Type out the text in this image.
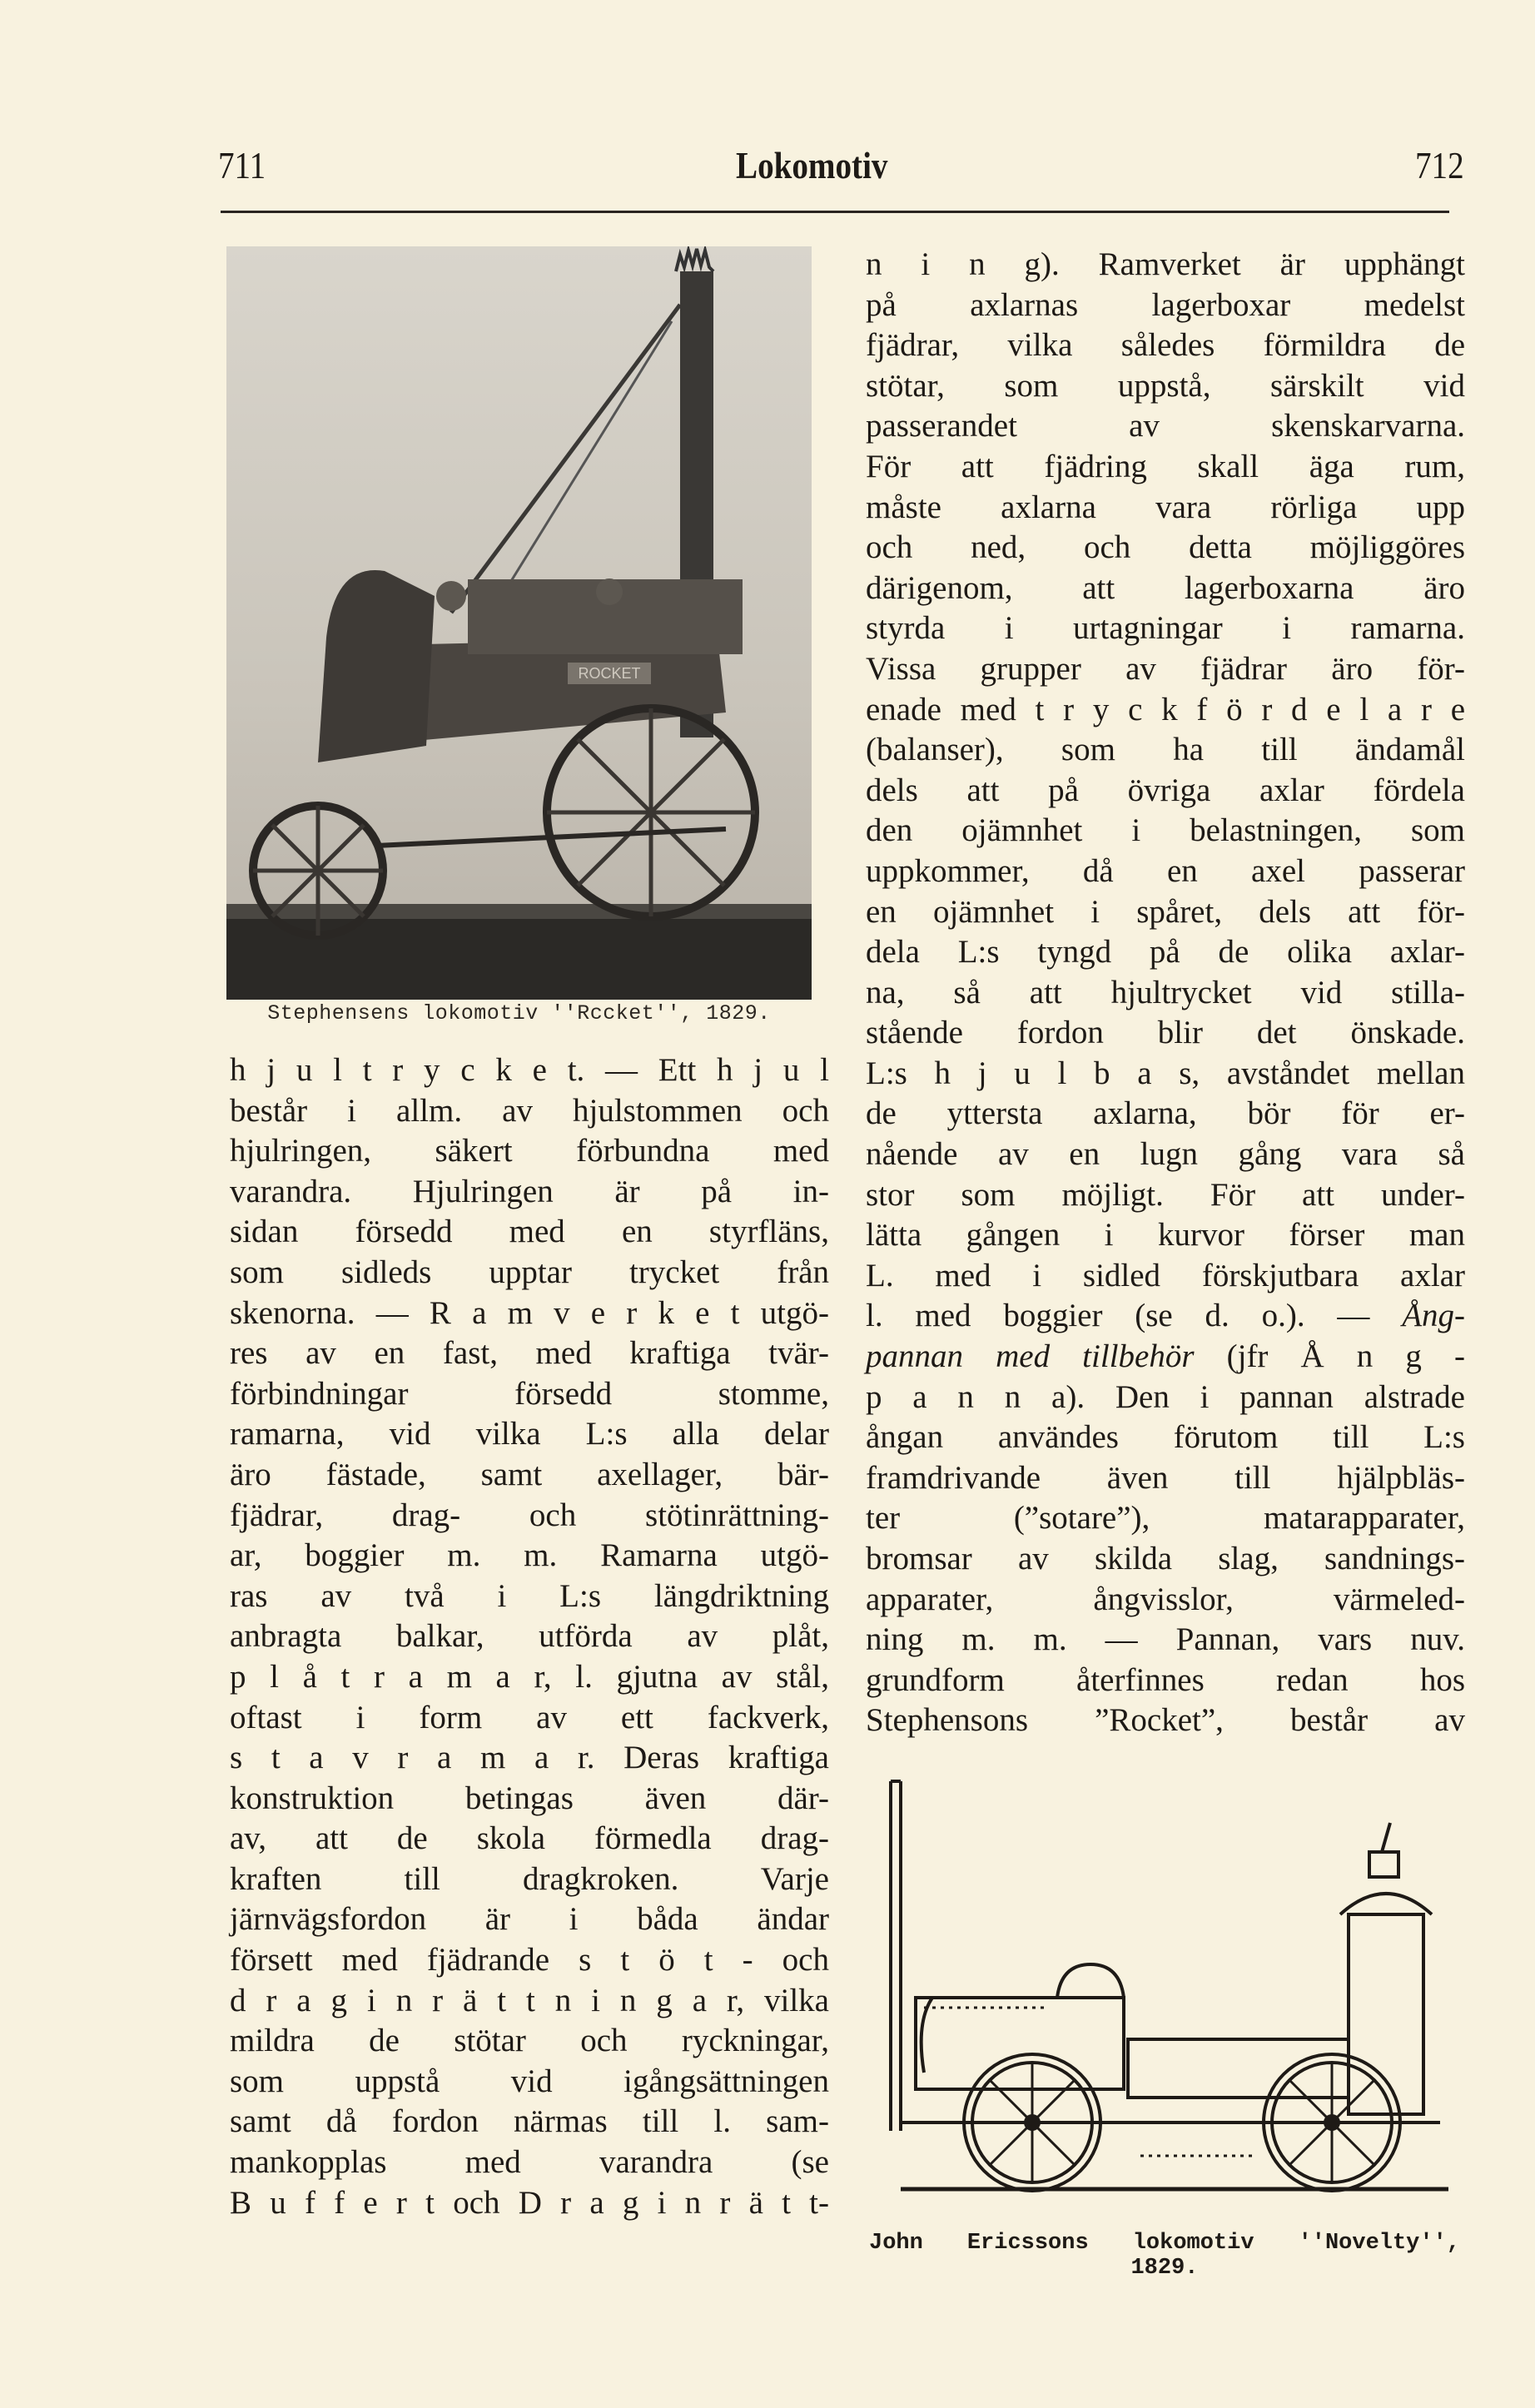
711	Lokomotiv	712
ROCKET
Stephensens lokomotiv ''Rccket'', 1829.
h j u l t r y c k e t. — Ett h j u l
består i allm. av hjulstommen och
hjulringen, säkert förbundna med
varandra. Hjulringen är på in-
sidan försedd med en styrfläns,
som sidleds upptar trycket från
skenorna. — R a m v e r k e t utgö-
res av en fast, med kraftiga tvär-
förbindningar försedd stomme,
ramarna, vid vilka L:s alla delar
äro fästade, samt axellager, bär-
fjädrar, drag- och stötinrättning-
ar, boggier m. m. Ramarna utgö-
ras av två i L:s längdriktning
anbragta balkar, utförda av plåt,
p l å t r a m a r, l. gjutna av stål,
oftast i form av ett fackverk,
s t a v r a m a r. Deras kraftiga
konstruktion betingas även där-
av, att de skola förmedla drag-
kraften till dragkroken. Varje
järnvägsfordon är i båda ändar
försett med fjädrande s t ö t - och
d r a g i n r ä t t n i n g a r, vilka
mildra de stötar och ryckningar,
som uppstå vid igångsättningen
samt då fordon närmas till l. sam-
mankopplas med varandra (se
B u f f e r t och D r a g i n r ä t t-
n i n g). Ramverket är upphängt
på axlarnas lagerboxar medelst
fjädrar, vilka således förmildra de
stötar, som uppstå, särskilt vid
passerandet av skenskarvarna.
För att fjädring skall äga rum,
måste axlarna vara rörliga upp
och ned, och detta möjliggöres
därigenom, att lagerboxarna äro
styrda i urtagningar i ramarna.
Vissa grupper av fjädrar äro för-
enade med t r y c k f ö r d e l a r e
(balanser), som ha till ändamål
dels att på övriga axlar fördela
den ojämnhet i belastningen, som
uppkommer, då en axel passerar
en ojämnhet i spåret, dels att för-
dela L:s tyngd på de olika axlar-
na, så att hjultrycket vid stilla-
stående fordon blir det önskade.
L:s h j u l b a s, avståndet mellan
de yttersta axlarna, bör för er-
nående av en lugn gång vara så
stor som möjligt. För att under-
lätta gången i kurvor förser man
L. med i sidled förskjutbara axlar
l. med boggier (se d. o.). — Ång-
pannan med tillbehör (jfr Å n g -
p a n n a). Den i pannan alstrade
ångan användes förutom till L:s
framdrivande även till hjälpbläs-
ter (”sotare”), matarapparater,
bromsar av skilda slag, sandnings-
apparater, ångvisslor, värmeled-
ning m. m. — Pannan, vars nuv.
grundform återfinnes redan hos
Stephensons ”Rocket”, består av
John Ericssons lokomotiv ''Novelty'',
1829.
